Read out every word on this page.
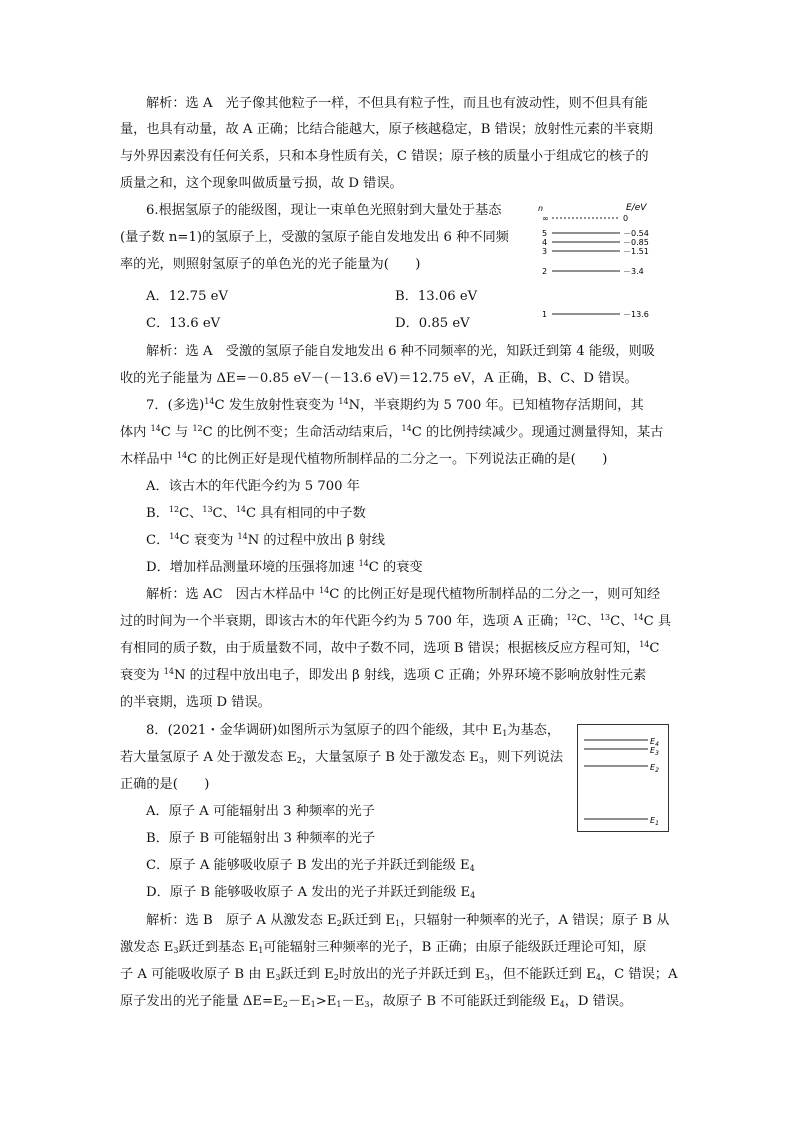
解析：选 A　光子像其他粒子一样，不但具有粒子性，而且也有波动性，则不但具有能
量，也具有动量，故 A 正确；比结合能越大，原子核越稳定，B 错误；放射性元素的半衰期
与外界因素没有任何关系，只和本身性质有关，C 错误；原子核的质量小于组成它的核子的
质量之和，这个现象叫做质量亏损，故 D 错误。
6.根据氢原子的能级图，现让一束单色光照射到大量处于基态
(量子数 n=1)的氢原子上，受激的氢原子能自发地发出 6 种不同频
率的光，则照射氢原子的单色光的光子能量为(　　)
A．12.75 eV	B．13.06 eV
C．13.6 eV	D．0.85 eV
n	E/eV
∞	0
5	－0.54
4	－0.85
3	－1.51
2	－3.4
1	－13.6
解析：选 A　受激的氢原子能自发地发出 6 种不同频率的光，知跃迁到第 4 能级，则吸
收的光子能量为 ΔE=－0.85 eV－(－13.6 eV)＝12.75 eV，A 正确，B、C、D 错误。
7．(多选)$^{14}$C 发生放射性衰变为 $^{14}$N，半衰期约为 5 700 年。已知植物存活期间，其
体内 $^{14}$C 与 $^{12}$C 的比例不变；生命活动结束后，$^{14}$C 的比例持续减少。现通过测量得知，某古
木样品中 $^{14}$C 的比例正好是现代植物所制样品的二分之一。下列说法正确的是(　　)
A．该古木的年代距今约为 5 700 年
B．$^{12}$C、$^{13}$C、$^{14}$C 具有相同的中子数
C．$^{14}$C 衰变为 $^{14}$N 的过程中放出 β 射线
D．增加样品测量环境的压强将加速 $^{14}$C 的衰变
解析：选 AC　因古木样品中 $^{14}$C 的比例正好是现代植物所制样品的二分之一，则可知经
过的时间为一个半衰期，即该古木的年代距今约为 5 700 年，选项 A 正确；$^{12}$C、$^{13}$C、$^{14}$C 具
有相同的质子数，由于质量数不同，故中子数不同，选项 B 错误；根据核反应方程可知，$^{14}$C
衰变为 $^{14}$N 的过程中放出电子，即发出 β 射线，选项 C 正确；外界环境不影响放射性元素
的半衰期，选项 D 错误。
8．(2021・金华调研)如图所示为氢原子的四个能级，其中 $E_1$为基态，
若大量氢原子 A 处于激发态 $E_2$，大量氢原子 B 处于激发态 $E_3$，则下列说法
正确的是(　　)
$E_4$
$E_3$
$E_2$
$E_1$
A．原子 A 可能辐射出 3 种频率的光子
B．原子 B 可能辐射出 3 种频率的光子
C．原子 A 能够吸收原子 B 发出的光子并跃迁到能级 $E_4$
D．原子 B 能够吸收原子 A 发出的光子并跃迁到能级 $E_4$
解析：选 B　原子 A 从激发态 $E_2$跃迁到 $E_1$，只辐射一种频率的光子，A 错误；原子 B 从
激发态 $E_3$跃迁到基态 $E_1$可能辐射三种频率的光子，B 正确；由原子能级跃迁理论可知，原
子 A 可能吸收原子 B 由 $E_3$跃迁到 $E_2$时放出的光子并跃迁到 $E_3$，但不能跃迁到 $E_4$，C 错误；A
原子发出的光子能量 $\Delta E=E_2-E_1>E_1-E_3$，故原子 B 不可能跃迁到能级 $E_4$，D 错误。
